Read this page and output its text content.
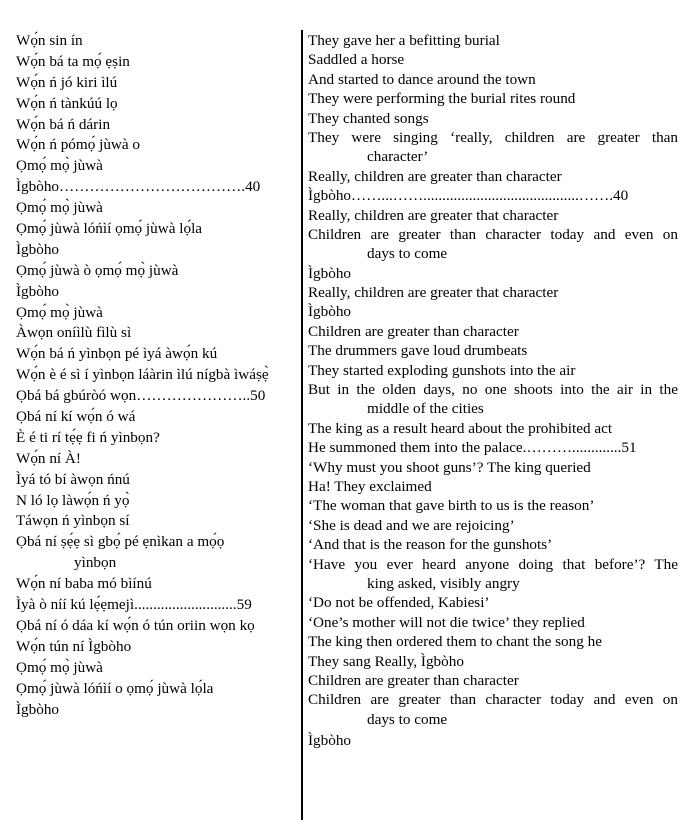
Wọ́n sin ín

Wọ́n bá ta mọ́ ẹṣin

Wọ́n ń jó kiri ìlú

Wọ́n ń tànkúú lọ

Wọ́n bá ń dárin

Wọ́n ń pómọ́ jùwà o

Ọmọ́ mọ̀ jùwà

Ìgbòho……………………………….40

Ọmọ́ mọ̀ jùwà

Ọmọ́ jùwà lóńìí ọmọ́ jùwà lọ́la

Ìgbòho

Ọmọ́ jùwà ò ọmọ́ mọ̀ jùwà

Ìgbòho

Ọmọ́ mọ̀ jùwà

Àwọn oníìlù fìlù sì

Wọ́n bá ń yìnbọn pé ìyá àwọ́n kú

Wọ́n è é sì í yìnbọn láàrin ìlú nígbà ìwáṣẹ̀

Ọbá bá gbúròó wọn…………………..50

Ọbá ní kí wọ́n ó wá

È é ti rí tẹ́ẹ fi ń yìnbọn?

Wọ́n ní À!

Ìyá tó bí àwọn ńnú

N ló lọ làwọ́n ń yọ̀

Táwọn ń yìnbọn sí

Ọbá ní ṣẹ́ẹ sì gbọ́ pé ẹnìkan a mọ́ọ

yìnbọn

Wọ́n ní baba mó bìínú

Ìyà ò níí kú lẹ́ẹmejì...........................59

Ọbá ní ó dáa kí wọ́n ó tún oriin wọn kọ

Wọ́n tún ní Ìgbòho

Ọmọ́ mọ̀ jùwà

Ọmọ́ jùwà lóńìí o ọmọ́ jùwà lọ́la

Ìgbòho

They gave her a befitting burial

Saddled a horse

And started to dance around the town

They were performing the burial rites round

They chanted songs

They were singing ‘really, children are greater than

character’

Really, children are greater than character

Ìgbòho……...…….........................................…….40

Really, children are greater that character

Children are greater than character today and even on

days to come

Ìgbòho

Really, children are greater that character

Ìgbòho

Children are greater than character

The drummers gave loud drumbeats

They started exploding gunshots into the air

But in the olden days, no one shoots into the air in the

middle of the cities

The king as a result heard about the prohibited act

He summoned them into the palace.……….............51

‘Why must you shoot guns’? The king queried

Ha! They exclaimed

‘The woman that gave birth to us is the reason’

‘She is dead and we are rejoicing’

‘And that is the reason for the gunshots’

‘Have you ever heard anyone doing that before’? The

king asked, visibly angry

‘Do not be offended, Kabiesi’

‘One’s mother will not die twice’ they replied

The king then ordered them to chant the song he

They sang Really, Ìgbòho

Children are greater than character

Children are greater than character today and even on

days to come

Ìgbòho
